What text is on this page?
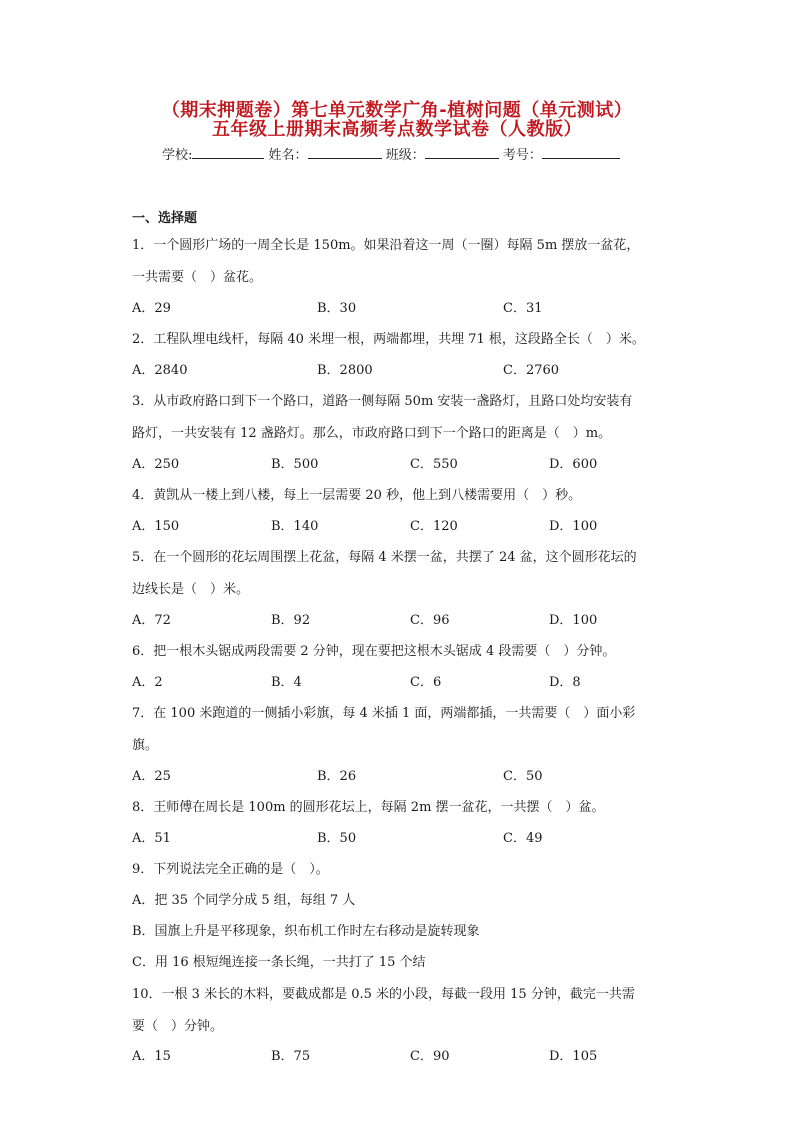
（期末押题卷）第七单元数学广角-植树问题（单元测试）
五年级上册期末高频考点数学试卷（人教版）
学校:	姓名：	班级：	考号：
一、选择题
1．一个圆形广场的一周全长是 150m。如果沿着这一周（一圈）每隔 5m 摆放一盆花，
一共需要（　）盆花。
A．29	B．30	C．31
2．工程队埋电线杆，每隔 40 米埋一根，两端都埋，共埋 71 根，这段路全长（　）米。
A．2840	B．2800	C．2760
3．从市政府路口到下一个路口，道路一侧每隔 50m 安装一盏路灯，且路口处均安装有
路灯，一共安装有 12 盏路灯。那么，市政府路口到下一个路口的距离是（　）m。
A．250	B．500	C．550	D．600
4．黄凯从一楼上到八楼，每上一层需要 20 秒，他上到八楼需要用（　）秒。
A．150	B．140	C．120	D．100
5．在一个圆形的花坛周围摆上花盆，每隔 4 米摆一盆，共摆了 24 盆，这个圆形花坛的
边线长是（　）米。
A．72	B．92	C．96	D．100
6．把一根木头锯成两段需要 2 分钟，现在要把这根木头锯成 4 段需要（　）分钟。
A．2	B．4	C．6	D．8
7．在 100 米跑道的一侧插小彩旗，每 4 米插 1 面，两端都插，一共需要（　）面小彩
旗。
A．25	B．26	C．50
8．王师傅在周长是 100m 的圆形花坛上，每隔 2m 摆一盆花，一共摆（　）盆。
A．51	B．50	C．49
9．下列说法完全正确的是（　）。
A．把 35 个同学分成 5 组，每组 7 人
B．国旗上升是平移现象，织布机工作时左右移动是旋转现象
C．用 16 根短绳连接一条长绳，一共打了 15 个结
10．一根 3 米长的木料，要截成都是 0.5 米的小段，每截一段用 15 分钟，截完一共需
要（　）分钟。
A．15	B．75	C．90	D．105
